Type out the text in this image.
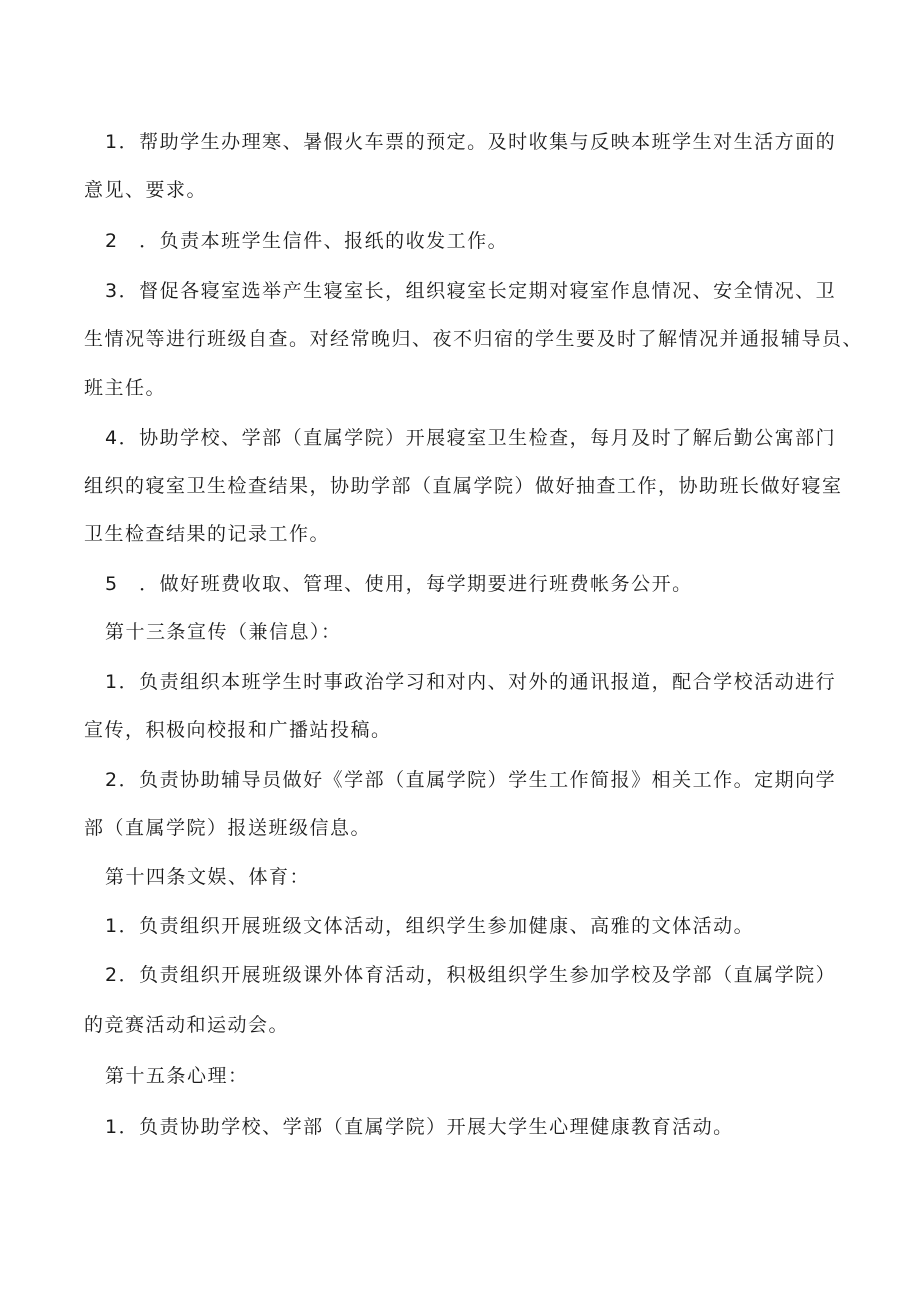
1．帮助学生办理寒、暑假火车票的预定。及时收集与反映本班学生对生活方面的
意见、要求。
2　．负责本班学生信件、报纸的收发工作。
3．督促各寝室选举产生寝室长，组织寝室长定期对寝室作息情况、安全情况、卫
生情况等进行班级自查。对经常晚归、夜不归宿的学生要及时了解情况并通报辅导员、
班主任。
4．协助学校、学部（直属学院）开展寝室卫生检查，每月及时了解后勤公寓部门
组织的寝室卫生检查结果，协助学部（直属学院）做好抽查工作，协助班长做好寝室
卫生检查结果的记录工作。
5　．做好班费收取、管理、使用，每学期要进行班费帐务公开。
第十三条宣传（兼信息）：
1．负责组织本班学生时事政治学习和对内、对外的通讯报道，配合学校活动进行
宣传，积极向校报和广播站投稿。
2．负责协助辅导员做好《学部（直属学院）学生工作简报》相关工作。定期向学
部（直属学院）报送班级信息。
第十四条文娱、体育：
1．负责组织开展班级文体活动，组织学生参加健康、高雅的文体活动。
2．负责组织开展班级课外体育活动，积极组织学生参加学校及学部（直属学院）
的竞赛活动和运动会。
第十五条心理：
1．负责协助学校、学部（直属学院）开展大学生心理健康教育活动。
